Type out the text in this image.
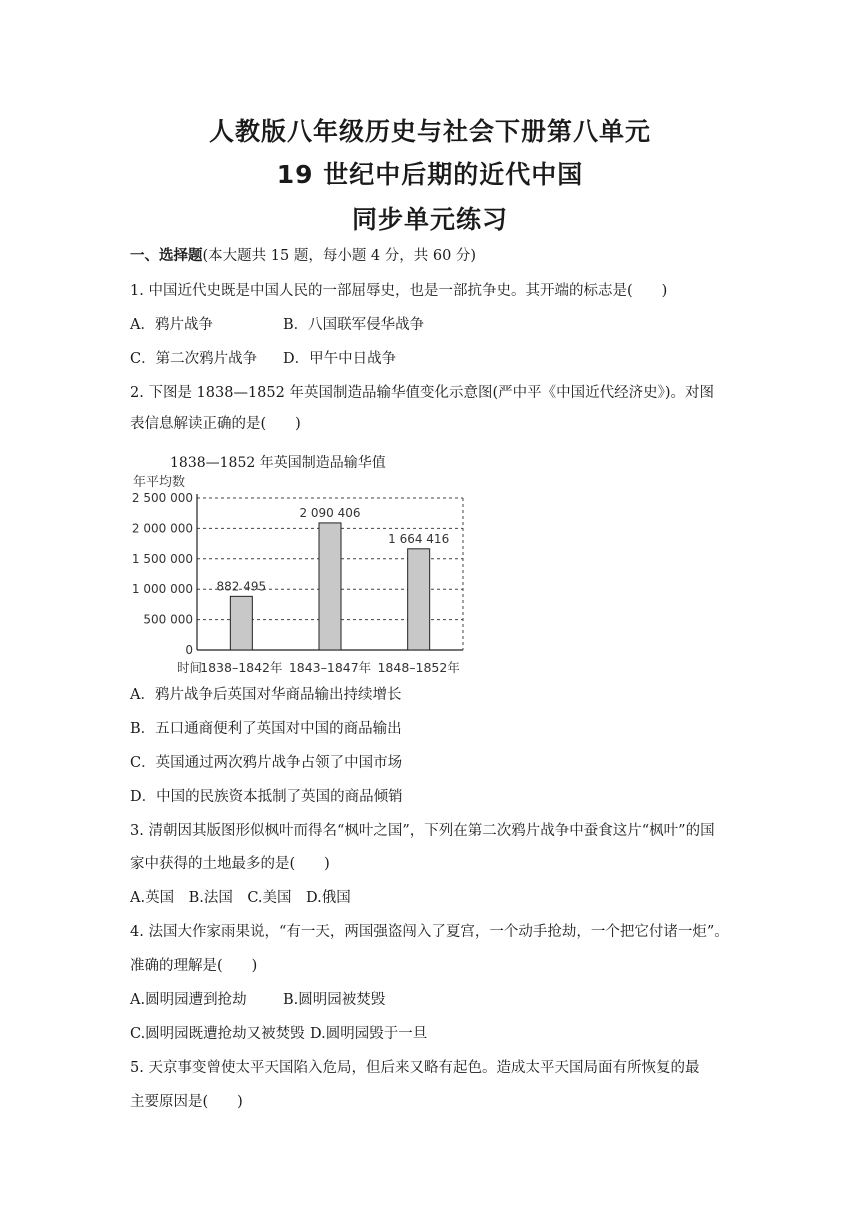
人教版八年级历史与社会下册第八单元
19 世纪中后期的近代中国
同步单元练习
一、选择题(本大题共 15 题，每小题 4 分，共 60 分)
1. 中国近代史既是中国人民的一部屈辱史，也是一部抗争史。其开端的标志是(　　)
A．鸦片战争	B．八国联军侵华战争
C．第二次鸦片战争 D．甲午中日战争
2. 下图是 1838—1852 年英国制造品输华值变化示意图(严中平《中国近代经济史》)。对图
表信息解读正确的是(　　)
1838—1852 年英国制造品输华值
年平均数
0
500 000
1 000 000
1 500 000
2 000 000
2 500 000
882 495
1838–1842年
2 090 406
1843–1847年
1 664 416
1848–1852年
时间
A．鸦片战争后英国对华商品输出持续增长
B．五口通商便利了英国对中国的商品输出
C．英国通过两次鸦片战争占领了中国市场
D．中国的民族资本抵制了英国的商品倾销
3. 清朝因其版图形似枫叶而得名“枫叶之国”，下列在第二次鸦片战争中蚕食这片“枫叶”的国
家中获得的土地最多的是(　　)
A.英国　B.法国　C.美国　D.俄国
4. 法国大作家雨果说，“有一天，两国强盗闯入了夏宫，一个动手抢劫，一个把它付诸一炬”。
准确的理解是(　　)
A.圆明园遭到抢劫	B.圆明园被焚毁
C.圆明园既遭抢劫又被焚毁 D.圆明园毁于一旦
5. 天京事变曾使太平天国陷入危局，但后来又略有起色。造成太平天国局面有所恢复的最
主要原因是(　　)
